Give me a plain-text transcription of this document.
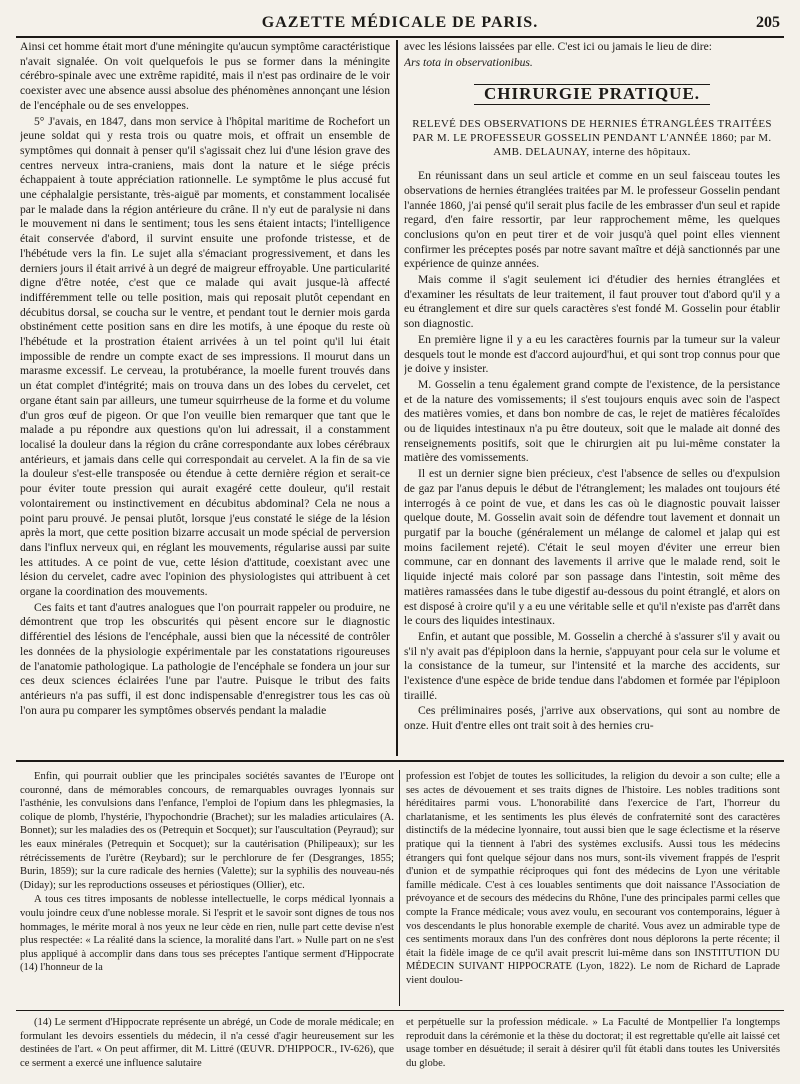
GAZETTE MÉDICALE DE PARIS.	205

Ainsi cet homme était mort d'une méningite qu'aucun symptôme caractéristique n'avait signalée. On voit quelquefois le pus se former dans la méningite cérébro-spinale avec une extrême rapidité, mais il n'est pas ordinaire de le voir coexister avec une absence aussi absolue des phénomènes annonçant une lésion de l'encéphale ou de ses enveloppes.

5° J'avais, en 1847, dans mon service à l'hôpital maritime de Rochefort un jeune soldat qui y resta trois ou quatre mois, et offrait un ensemble de symptômes qui donnait à penser qu'il s'agissait chez lui d'une lésion grave des centres nerveux intra-craniens, mais dont la nature et le siége précis échappaient à toute appréciation rationnelle. Le symptôme le plus accusé fut une céphalalgie persistante, très-aiguë par moments, et constamment localisée par le malade dans la région antérieure du crâne. Il n'y eut de paralysie ni dans le mouvement ni dans le sentiment; tous les sens étaient intacts; l'intelligence était conservée d'abord, il survint ensuite une profonde tristesse, et de l'hébétude vers la fin. Le sujet alla s'émaciant progressivement, et dans les derniers jours il était arrivé à un degré de maigreur effroyable. Une particularité digne d'être notée, c'est que ce malade qui avait jusque-là affecté indifféremment telle ou telle position, mais qui reposait plutôt cependant en décubitus dorsal, se coucha sur le ventre, et pendant tout le dernier mois garda obstinément cette position sans en dire les motifs, à une époque du reste où l'hébétude et la prostration étaient arrivées à un tel point qu'il lui était impossible de rendre un compte exact de ses impressions. Il mourut dans un marasme excessif. Le cerveau, la protubérance, la moelle furent trouvés dans un état complet d'intégrité; mais on trouva dans un des lobes du cervelet, cet organe étant sain par ailleurs, une tumeur squirrheuse de la forme et du volume d'un gros œuf de pigeon. Or que l'on veuille bien remarquer que tant que le malade a pu répondre aux questions qu'on lui adressait, il a constamment localisé la douleur dans la région du crâne correspondante aux lobes cérébraux antérieurs, et jamais dans celle qui correspondait au cervelet. A la fin de sa vie la douleur s'est-elle transposée ou étendue à cette dernière région et serait-ce pour éviter toute pression qui aurait exagéré cette douleur, qu'il restait volontairement ou instinctivement en décubitus abdominal? Cela ne nous a point paru prouvé. Je pensai plutôt, lorsque j'eus constaté le siége de la lésion après la mort, que cette position bizarre accusait un mode spécial de perversion dans l'influx nerveux qui, en réglant les mouvements, régularise aussi par suite les attitudes. A ce point de vue, cette lésion d'attitude, coexistant avec une lésion du cervelet, cadre avec l'opinion des physiologistes qui attribuent à cet organe la coordination des mouvements.

Ces faits et tant d'autres analogues que l'on pourrait rappeler ou produire, ne démontrent que trop les obscurités qui pèsent encore sur le diagnostic différentiel des lésions de l'encéphale, aussi bien que la nécessité de contrôler les données de la physiologie expérimentale par les constatations rigoureuses de l'anatomie pathologique. La pathologie de l'encéphale se fondera un jour sur ces deux sciences éclairées l'une par l'autre. Puisque le tribut des faits antérieurs n'a pas suffi, il est donc indispensable d'enregistrer tous les cas où l'on aura pu comparer les symptômes observés pendant la maladie

avec les lésions laissées par elle. C'est ici ou jamais le lieu de dire:

Ars tota in observationibus.

CHIRURGIE PRATIQUE.
RELEVÉ DES OBSERVATIONS DE HERNIES ÉTRANGLÉES TRAITÉES PAR M. LE PROFESSEUR GOSSELIN PENDANT L'ANNÉE 1860; par M. AMB. DELAUNAY, interne des hôpitaux.

En réunissant dans un seul article et comme en un seul faisceau toutes les observations de hernies étranglées traitées par M. le professeur Gosselin pendant l'année 1860, j'ai pensé qu'il serait plus facile de les embrasser d'un seul et rapide regard, d'en faire ressortir, par leur rapprochement même, les quelques conclusions qu'on en peut tirer et de voir jusqu'à quel point elles viennent confirmer les préceptes posés par notre savant maître et déjà sanctionnés par une expérience de quinze années.

Mais comme il s'agit seulement ici d'étudier des hernies étranglées et d'examiner les résultats de leur traitement, il faut prouver tout d'abord qu'il y a eu étranglement et dire sur quels caractères s'est fondé M. Gosselin pour établir son diagnostic.

En première ligne il y a eu les caractères fournis par la tumeur sur la valeur desquels tout le monde est d'accord aujourd'hui, et qui sont trop connus pour que je doive y insister.

M. Gosselin a tenu également grand compte de l'existence, de la persistance et de la nature des vomissements; il s'est toujours enquis avec soin de l'aspect des matières vomies, et dans bon nombre de cas, le rejet de matières fécaloïdes ou de liquides intestinaux n'a pu être douteux, soit que le malade ait donné des renseignements positifs, soit que le chirurgien ait pu lui-même constater la matière des vomissements.

Il est un dernier signe bien précieux, c'est l'absence de selles ou d'expulsion de gaz par l'anus depuis le début de l'étranglement; les malades ont toujours été interrogés à ce point de vue, et dans les cas où le diagnostic pouvait laisser quelque doute, M. Gosselin avait soin de défendre tout lavement et donnait un purgatif par la bouche (généralement un mélange de calomel et jalap qui est moins facilement rejeté). C'était le seul moyen d'éviter une erreur bien commune, car en donnant des lavements il arrive que le malade rend, soit le liquide injecté mais coloré par son passage dans l'intestin, soit même des matières ramassées dans le tube digestif au-dessous du point étranglé, et alors on est disposé à croire qu'il y a eu une véritable selle et qu'il n'existe pas d'arrêt dans le cours des liquides intestinaux.

Enfin, et autant que possible, M. Gosselin a cherché à s'assurer s'il y avait ou s'il n'y avait pas d'épiploon dans la hernie, s'appuyant pour cela sur le volume et la consistance de la tumeur, sur l'intensité et la marche des accidents, sur l'existence d'une espèce de bride tendue dans l'abdomen et formée par l'épiploon tiraillé.

Ces préliminaires posés, j'arrive aux observations, qui sont au nombre de onze. Huit d'entre elles ont trait soit à des hernies cru-

Enfin, qui pourrait oublier que les principales sociétés savantes de l'Europe ont couronné, dans de mémorables concours, de remarquables ouvrages lyonnais sur l'asthénie, les convulsions dans l'enfance, l'emploi de l'opium dans les phlegmasies, la colique de plomb, l'hystérie, l'hypochondrie (Brachet); sur les maladies articulaires (A. Bonnet); sur les maladies des os (Petrequin et Socquet); sur l'auscultation (Peyraud); sur les eaux minérales (Petrequin et Socquet); sur la cautérisation (Philipeaux); sur les rétrécissements de l'urètre (Reybard); sur le perchlorure de fer (Desgranges, 1855; Burin, 1859); sur la cure radicale des hernies (Valette); sur la syphilis des nouveau-nés (Diday); sur les reproductions osseuses et périostiques (Ollier), etc.

A tous ces titres imposants de noblesse intellectuelle, le corps médical lyonnais a voulu joindre ceux d'une noblesse morale. Si l'esprit et le savoir sont dignes de tous nos hommages, le mérite moral à nos yeux ne leur cède en rien, nulle part cette devise n'est plus respectée: « La réalité dans la science, la moralité dans l'art. » Nulle part on ne s'est plus appliqué à accomplir dans dans tous ses préceptes l'antique serment d'Hippocrate (14) l'honneur de la

profession est l'objet de toutes les sollicitudes, la religion du devoir a son culte; elle a ses actes de dévouement et ses traits dignes de l'histoire. Les nobles traditions sont héréditaires parmi vous. L'honorabilité dans l'exercice de l'art, l'horreur du charlatanisme, et les sentiments les plus élevés de confraternité sont des caractères distinctifs de la médecine lyonnaire, tout aussi bien que le sage éclectisme et la réserve pratique qui la tiennent à l'abri des systèmes exclusifs. Aussi tous les médecins étrangers qui font quelque séjour dans nos murs, sont-ils vivement frappés de l'esprit d'union et de sympathie réciproques qui font des médecins de Lyon une véritable famille médicale. C'est à ces louables sentiments que doit naissance l'Association de prévoyance et de secours des médecins du Rhône, l'une des principales parmi celles que compte la France médicale; vous avez voulu, en secourant vos contemporains, léguer à vos descendants le plus honorable exemple de charité. Vous avez un admirable type de ces sentiments moraux dans l'un des confrères dont nous déplorons la perte récente; il était la fidèle image de ce qu'il avait prescrit lui-même dans son INSTITUTION DU MÉDECIN SUIVANT HIPPOCRATE (Lyon, 1822). Le nom de Richard de Laprade vient doulou-

(14) Le serment d'Hippocrate représente un abrégé, un Code de morale médicale; en formulant les devoirs essentiels du médecin, il n'a cessé d'agir heureusement sur les destinées de l'art. « On peut affirmer, dit M. Littré (ŒUVR. D'HIPPOCR., IV-626), que ce serment a exercé une influence salutaire

et perpétuelle sur la profession médicale. » La Faculté de Montpellier l'a longtemps reproduit dans la cérémonie et la thèse du doctorat; il est regrettable qu'elle ait laissé cet usage tomber en désuétude; il serait à désirer qu'il fût établi dans toutes les Universités du globe.
